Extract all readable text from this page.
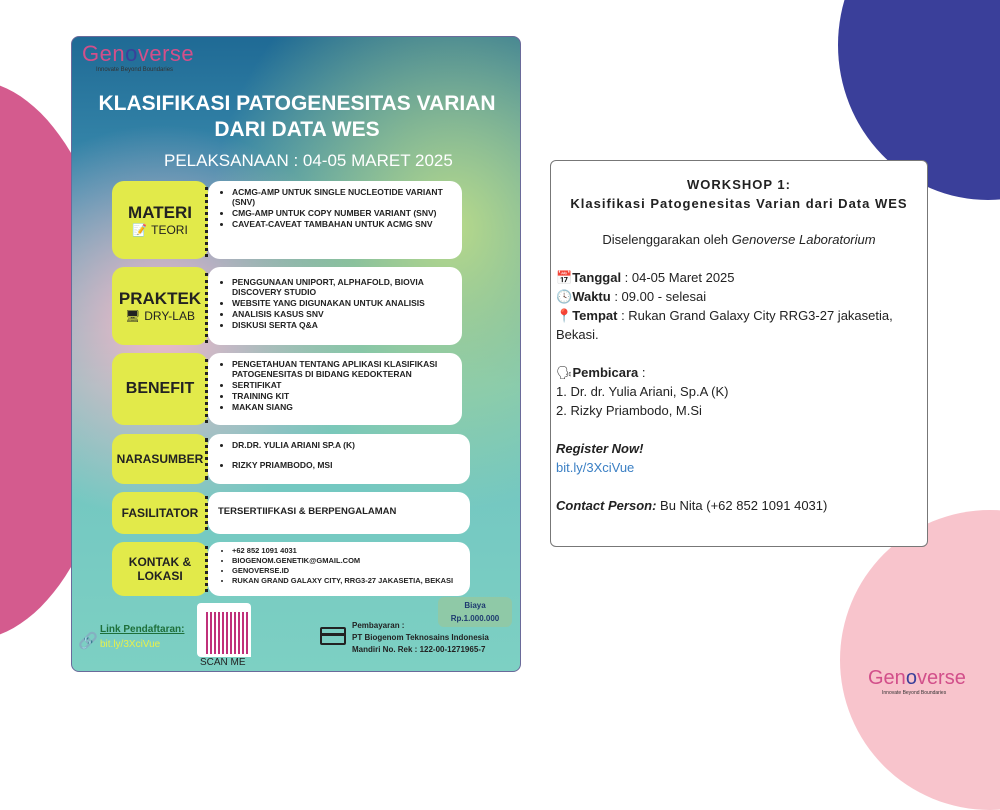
Genoverse
Innovate Beyond Boundaries
KLASIFIKASI PATOGENESITAS VARIAN DARI DATA WES
PELAKSANAAN : 04-05 MARET 2025
MATERI
📝 TEORI
• ACMG-AMP UNTUK SINGLE NUCLEOTIDE VARIANT (SNV)
• CMG-AMP UNTUK COPY NUMBER VARIANT (SNV)
• CAVEAT-CAVEAT TAMBAHAN UNTUK ACMG SNV
PRAKTEK
🖥 DRY-LAB
• PENGGUNAAN UNIPORT, ALPHAFOLD, BIOVIA DISCOVERY STUDIO
• WEBSITE YANG DIGUNAKAN UNTUK ANALISIS
• ANALISIS KASUS SNV
• DISKUSI SERTA Q&A
BENEFIT
• PENGETAHUAN TENTANG APLIKASI KLASIFIKASI PATOGENESITAS DI BIDANG KEDOKTERAN
• SERTIFIKAT
• TRAINING KIT
• MAKAN SIANG
NARASUMBER
• DR.DR. YULIA ARIANI SP.A (K)
• RIZKY PRIAMBODO, MSI
FASILITATOR	TERSERTIIFKASI & BERPENGALAMAN
KONTAK & LOKASI
• +62 852 1091 4031
• BIOGENOM.GENETIK@GMAIL.COM
• GENOVERSE.ID
• RUKAN GRAND GALAXY CITY, RRG3-27 JAKASETIA, BEKASI
Biaya
Rp.1.000.000
🔗
Link Pendaftaran:
bit.ly/3XciVue
SCAN ME
Pembayaran :
PT Biogenom Teknosains Indonesia
Mandiri No. Rek : 122-00-1271965-7
WORKSHOP 1:
Klasifikasi Patogenesitas Varian dari Data WES
Diselenggarakan oleh Genoverse Laboratorium
📅Tanggal : 04-05 Maret 2025
🕓Waktu : 09.00 - selesai
📍Tempat : Rukan Grand Galaxy City RRG3-27 jakasetia, Bekasi.
🗣Pembicara :
1. Dr. dr. Yulia Ariani, Sp.A (K)
2. Rizky Priambodo, M.Si
Register Now!
bit.ly/3XciVue
Contact Person: Bu Nita (+62 852 1091 4031)
Genoverse
Innovate Beyond Boundaries
